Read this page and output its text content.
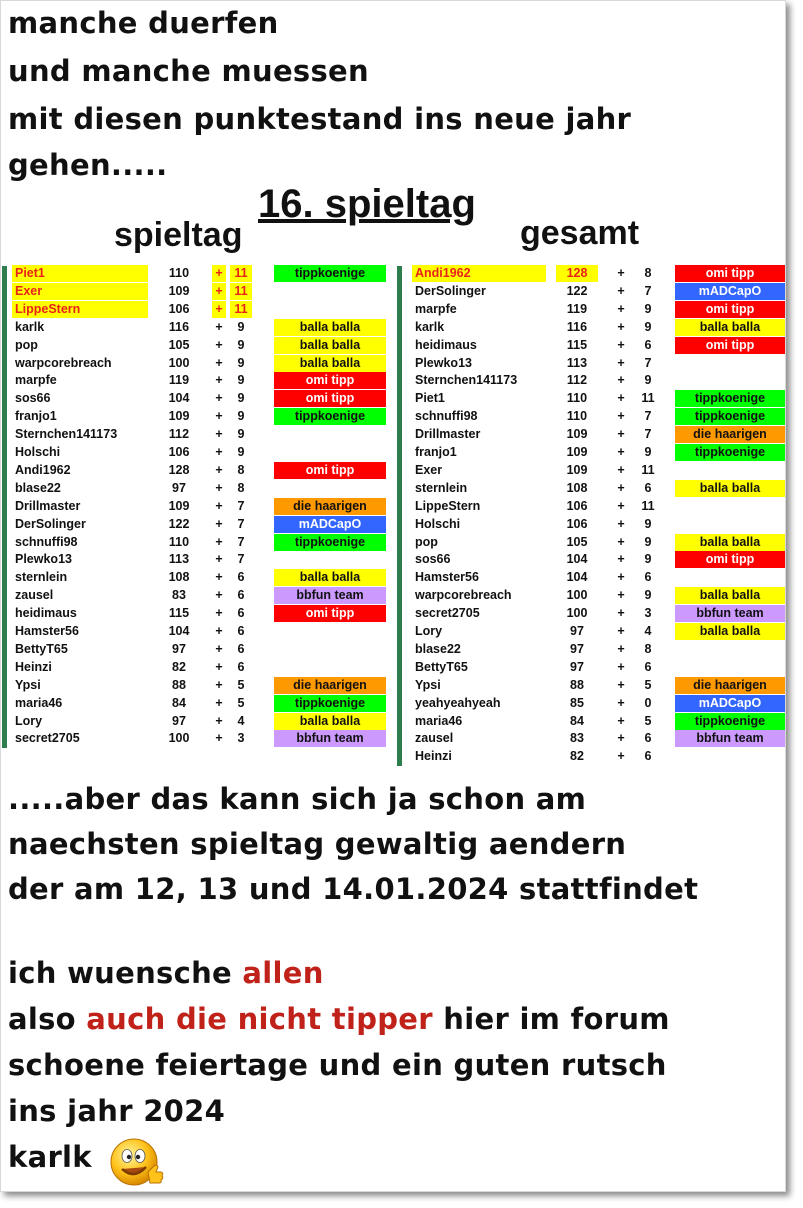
manche duerfen
und manche muessen
mit diesen punktestand ins neue jahr
gehen.....
16. spieltag
spieltag	gesamt
Piet1	110	+ 11	tippkoenige
Exer	109	+ 11
LippeStern	106	+ 11
karlk	116	+	9	balla balla
pop	105	+	9	balla balla
warpcorebreach	100	+	9	balla balla
marpfe	119	+	9	omi tipp
sos66	104	+	9	omi tipp
franjo1	109	+	9	tippkoenige
Sternchen141173	112	+	9
Holschi	106	+	9
Andi1962	128	+	8	omi tipp
blase22	97	+	8
Drillmaster	109	+	7	die haarigen
DerSolinger	122	+	7	mADCapO
schnuffi98	110	+	7	tippkoenige
Plewko13	113	+	7
sternlein	108	+	6	balla balla
zausel	83	+	6	bbfun team
heidimaus	115	+	6	omi tipp
Hamster56	104	+	6
BettyT65	97	+	6
Heinzi	82	+	6
Ypsi	88	+	5	die haarigen
maria46	84	+	5	tippkoenige
Lory	97	+	4	balla balla
secret2705	100	+	3	bbfun team
Andi1962	128	+	8	omi tipp
DerSolinger	122	+	7	mADCapO
marpfe	119	+	9	omi tipp
karlk	116	+	9	balla balla
heidimaus	115	+	6	omi tipp
Plewko13	113	+	7
Sternchen141173	112	+	9
Piet1	110	+	11	tippkoenige
schnuffi98	110	+	7	tippkoenige
Drillmaster	109	+	7	die haarigen
franjo1	109	+	9	tippkoenige
Exer	109	+	11
sternlein	108	+	6	balla balla
LippeStern	106	+	11
Holschi	106	+	9
pop	105	+	9	balla balla
sos66	104	+	9	omi tipp
Hamster56	104	+	6
warpcorebreach	100	+	9	balla balla
secret2705	100	+	3	bbfun team
Lory	97	+	4	balla balla
blase22	97	+	8
BettyT65	97	+	6
Ypsi	88	+	5	die haarigen
yeahyeahyeah	85	+	0	mADCapO
maria46	84	+	5	tippkoenige
zausel	83	+	6	bbfun team
Heinzi	82	+	6
.....aber das kann sich ja schon am
naechsten spieltag gewaltig aendern
der am 12, 13 und 14.01.2024 stattfindet
ich wuensche allen
also auch die nicht tipper hier im forum
schoene feiertage und ein guten rutsch
ins jahr 2024
karlk
